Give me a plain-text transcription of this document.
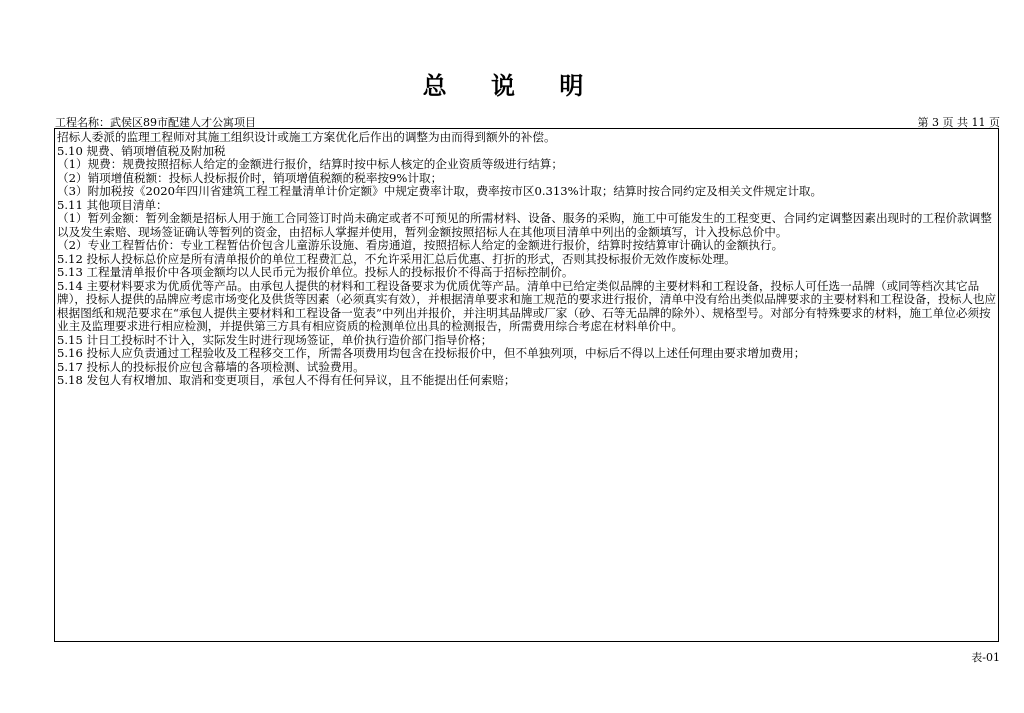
总 说 明
工程名称：武侯区89市配建人才公寓项目	第 3 页 共 11 页
招标人委派的监理工程师对其施工组织设计或施工方案优化后作出的调整为由而得到额外的补偿。
5.10 规费、销项增值税及附加税
（1）规费：规费按照招标人给定的金额进行报价，结算时按中标人核定的企业资质等级进行结算；
（2）销项增值税额：投标人投标报价时，销项增值税额的税率按9%计取；
（3）附加税按《2020年四川省建筑工程工程量清单计价定额》中规定费率计取，费率按市区0.313%计取；结算时按合同约定及相关文件规定计取。
5.11 其他项目清单：
（1）暂列金额：暂列金额是招标人用于施工合同签订时尚未确定或者不可预见的所需材料、设备、服务的采购，施工中可能发生的工程变更、合同约定调整因素出现时的工程价款调整以及发生索赔、现场签证确认等暂列的资金，由招标人掌握并使用，暂列金额按照招标人在其他项目清单中列出的金额填写，计入投标总价中。
（2）专业工程暂估价：专业工程暂估价包含儿童游乐设施、看房通道，按照招标人给定的金额进行报价，结算时按结算审计确认的金额执行。
5.12 投标人投标总价应是所有清单报价的单位工程费汇总，不允许采用汇总后优惠、打折的形式，否则其投标报价无效作废标处理。
5.13 工程量清单报价中各项金额均以人民币元为报价单位。投标人的投标报价不得高于招标控制价。
5.14 主要材料要求为优质优等产品。由承包人提供的材料和工程设备要求为优质优等产品。清单中已给定类似品牌的主要材料和工程设备，投标人可任选一品牌（或同等档次其它品牌），投标人提供的品牌应考虑市场变化及供货等因素（必须真实有效），并根据清单要求和施工规范的要求进行报价，清单中没有给出类似品牌要求的主要材料和工程设备，投标人也应根据图纸和规范要求在“承包人提供主要材料和工程设备一览表”中列出并报价，并注明其品牌或厂家（砂、石等无品牌的除外）、规格型号。对部分有特殊要求的材料，施工单位必须按业主及监理要求进行相应检测，并提供第三方具有相应资质的检测单位出具的检测报告，所需费用综合考虑在材料单价中。
5.15 计日工投标时不计入，实际发生时进行现场签证，单价执行造价部门指导价格；
5.16 投标人应负责通过工程验收及工程移交工作，所需各项费用均包含在投标报价中，但不单独列项，中标后不得以上述任何理由要求增加费用；
5.17 投标人的投标报价应包含幕墙的各项检测、试验费用。
5.18 发包人有权增加、取消和变更项目，承包人不得有任何异议，且不能提出任何索赔；
表-01
